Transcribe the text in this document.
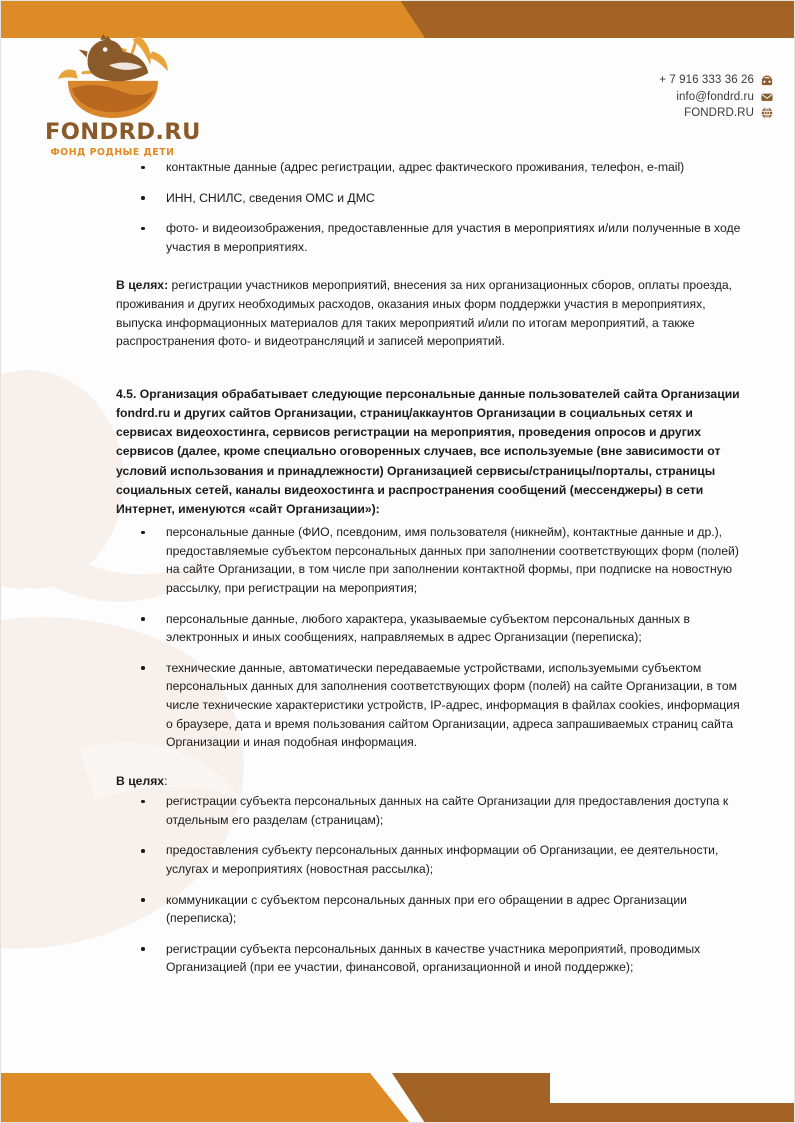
FONDRD.RU
ФОНД РОДНЫЕ ДЕТИ
+ 7 916 333 36 26
info@fondrd.ru
FONDRD.RU
контактные данные (адрес регистрации, адрес фактического проживания, телефон, e-mail)
ИНН, СНИЛС, сведения ОМС и ДМС
фото- и видеоизображения, предоставленные для участия в мероприятиях и/или полученные в ходе участия в мероприятиях.

В целях: регистрации участников мероприятий, внесения за них организационных сборов, оплаты проезда, проживания и других необходимых расходов, оказания иных форм поддержки участия в мероприятиях, выпуска информационных материалов для таких мероприятий и/или по итогам мероприятий, а также распространения фото- и видеотрансляций и записей мероприятий.

4.5. Организация обрабатывает следующие персональные данные пользователей сайта Организации fondrd.ru и других сайтов Организации, страниц/аккаунтов Организации в социальных сетях и сервисах видеохостинга, сервисов регистрации на мероприятия, проведения опросов и других сервисов (далее, кроме специально оговоренных случаев, все используемые (вне зависимости от условий использования и принадлежности) Организацией сервисы/страницы/порталы, страницы социальных сетей, каналы видеохостинга и распространения сообщений (мессенджеры) в сети Интернет, именуются «сайт Организации»):

персональные данные (ФИО, псевдоним, имя пользователя (никнейм), контактные данные и др.), предоставляемые субъектом персональных данных при заполнении соответствующих форм (полей) на сайте Организации, в том числе при заполнении контактной формы, при подписке на новостную рассылку, при регистрации на мероприятия;
персональные данные, любого характера, указываемые субъектом персональных данных в электронных и иных сообщениях, направляемых в адрес Организации (переписка);
технические данные, автоматически передаваемые устройствами, используемыми субъектом персональных данных для заполнения соответствующих форм (полей) на сайте Организации, в том числе технические характеристики устройств, IP-адрес, информация в файлах cookies, информация о браузере, дата и время пользования сайтом Организации, адреса запрашиваемых страниц сайта Организации и иная подобная информация.

В целях:

регистрации субъекта персональных данных на сайте Организации для предоставления доступа к отдельным его разделам (страницам);
предоставления субъекту персональных данных информации об Организации, ее деятельности, услугах и мероприятиях (новостная рассылка);
коммуникации с субъектом персональных данных при его обращении в адрес Организации (переписка);
регистрации субъекта персональных данных в качестве участника мероприятий, проводимых Организацией (при ее участии, финансовой, организационной и иной поддержке);
